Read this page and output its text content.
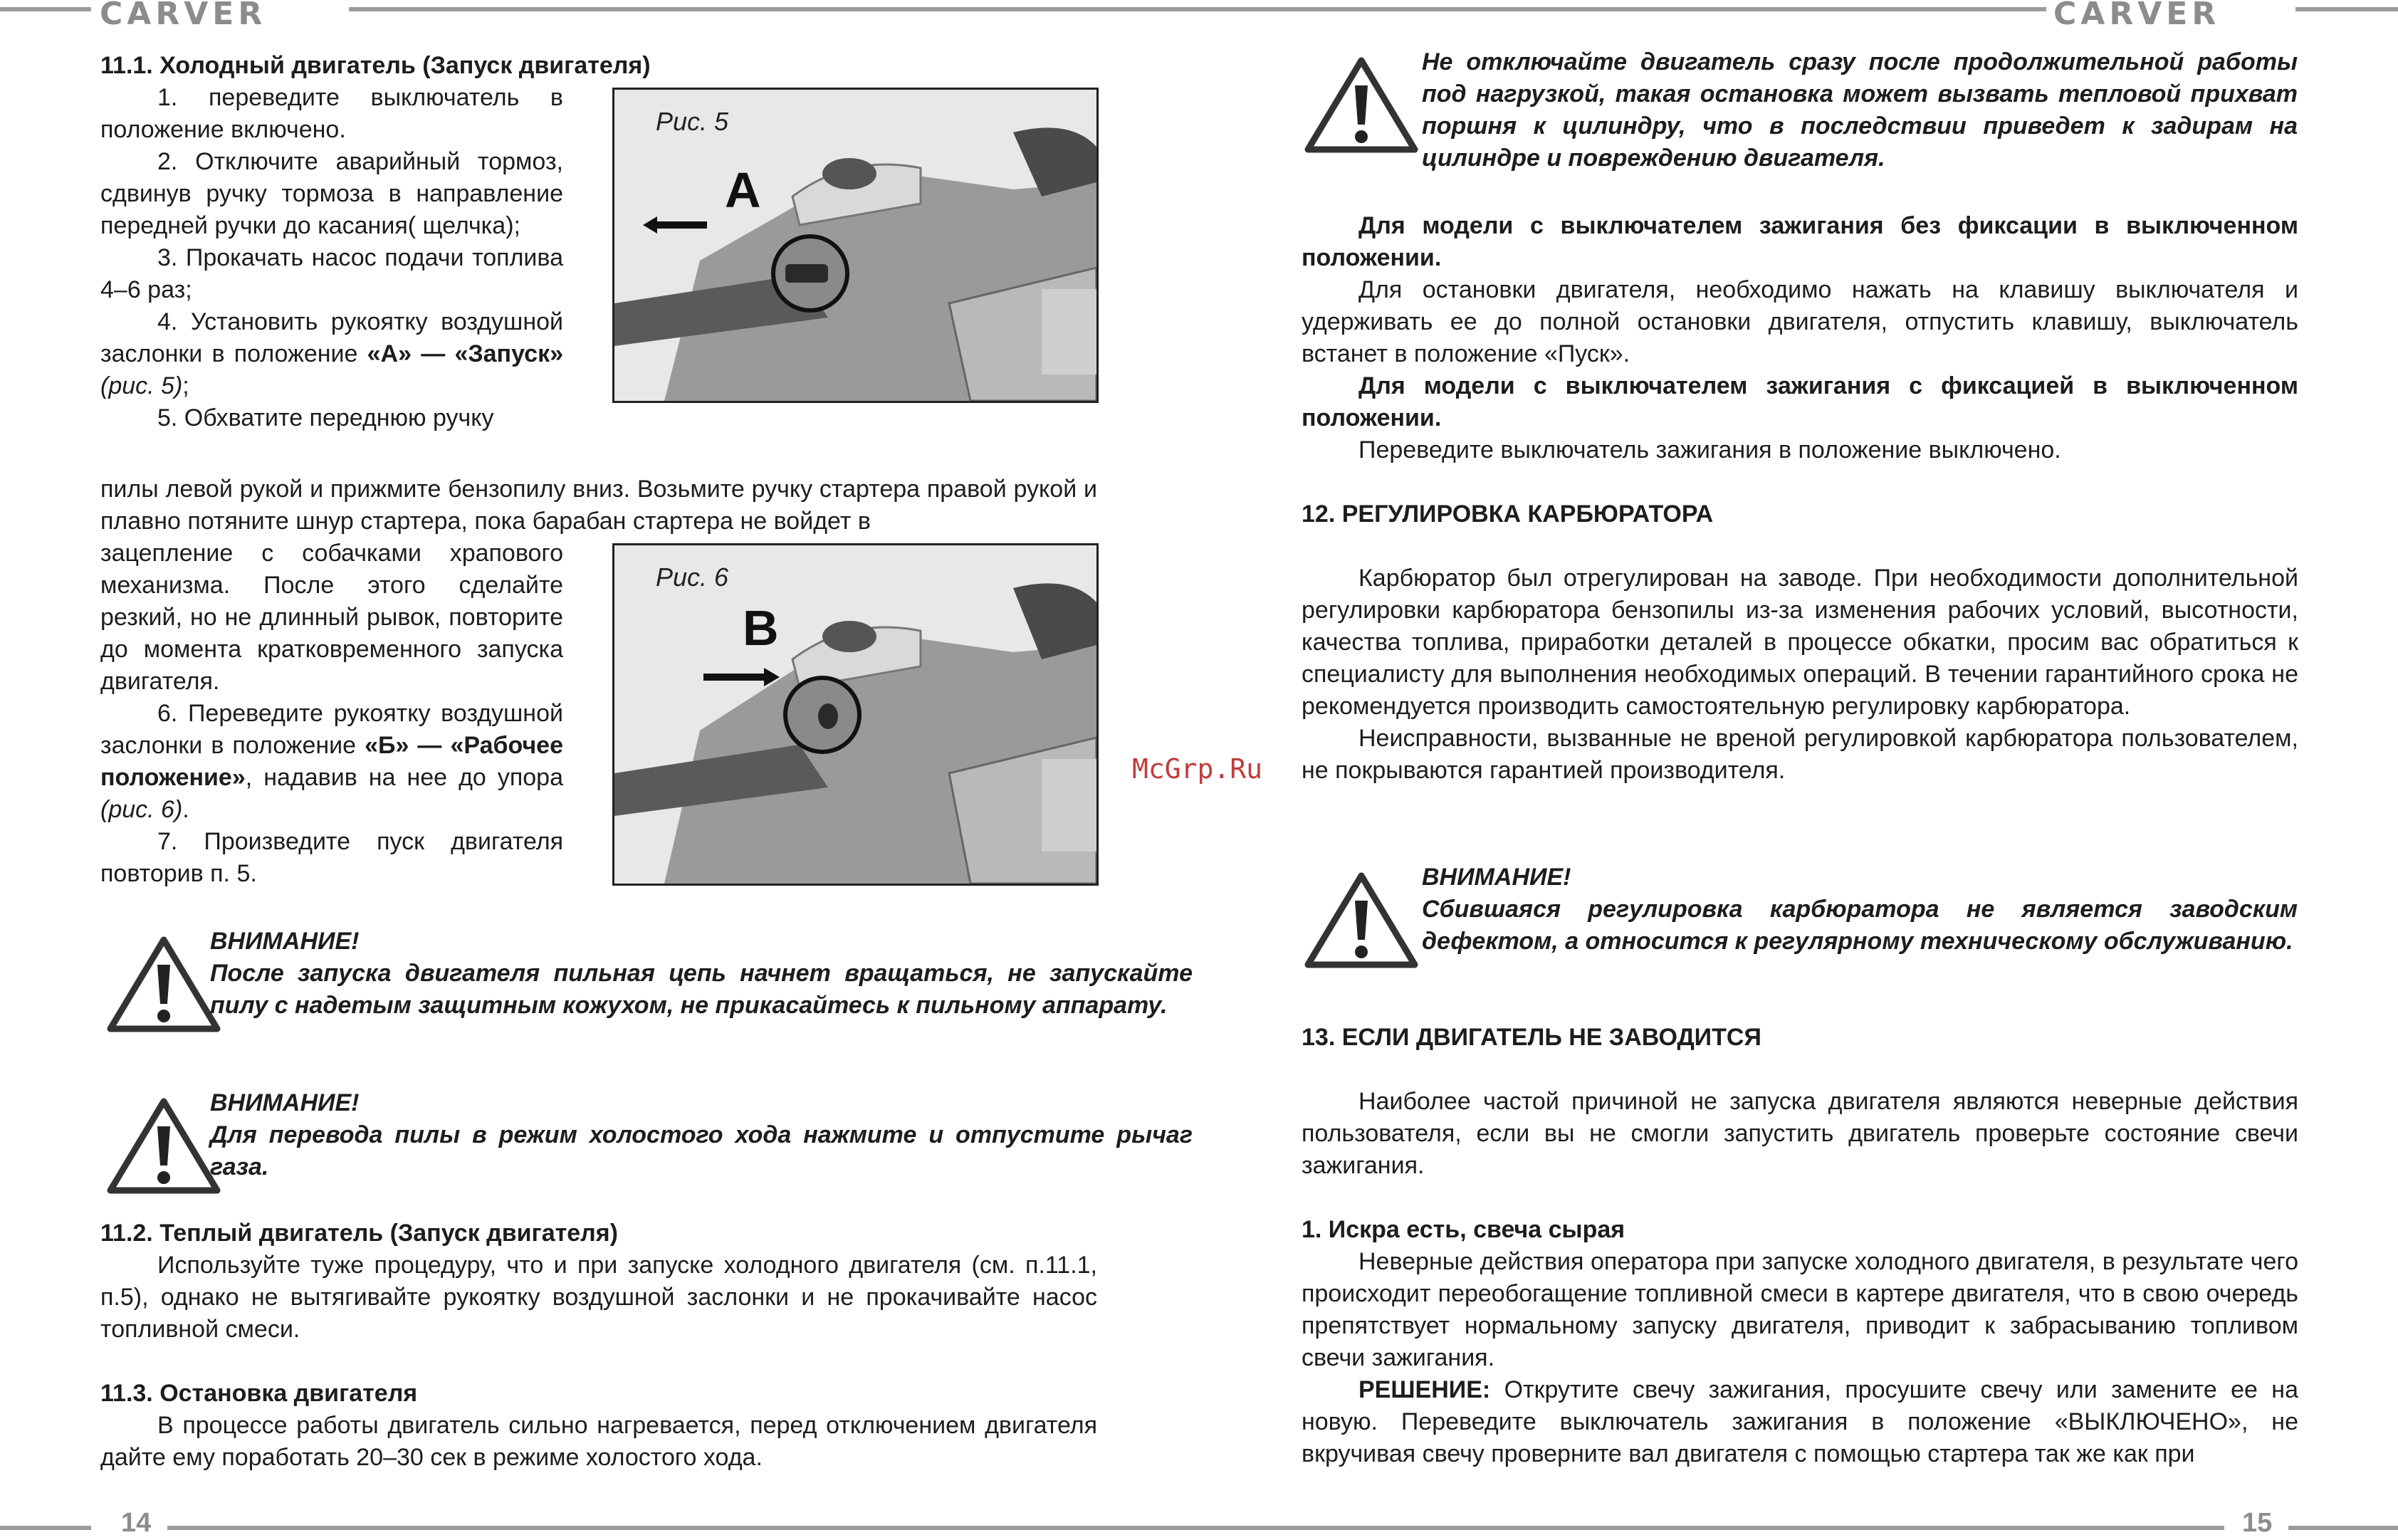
CARVER
11.1. Холодный двигатель (Запуск двигателя)

1. переведите выключатель в положение включено.

2. Отключите аварийный тормоз, сдвинув ручку тормоза в направление передней ручки до касания( щелчка);

3. Прокачать насос подачи топлива 4–6 раз;

4. Установить рукоятку воздушной заслонки в положение «А» — «Запуск» (рис. 5);

5. Обхватите переднюю ручку

пилы левой рукой и прижмите бензопилу вниз. Возьмите ручку стартера правой рукой и плавно потяните шнур стартера, пока барабан стартера не войдет в

зацепление с собачками храпового механизма. После этого сделайте резкий, но не длинный рывок, повторите до момента кратковременного запуска двигателя.

6. Переведите рукоятку воздушной заслонки в положение «Б» — «Рабочее положение», надавив на нее до упора (рис. 6).

7. Произведите пуск двигателя повторив п. 5.

A
Рис. 5
B
Рис. 6

ВНИМАНИЕ!

После запуска двигателя пильная цепь начнет вращаться, не запускайте пилу с надетым защитным кожухом, не прикасайтесь к пильному аппарату.

ВНИМАНИЕ!

Для перевода пилы в режим холостого хода нажмите и отпустите рычаг газа.

11.2. Теплый двигатель (Запуск двигателя)

Используйте туже процедуру, что и при запуске холодного двигателя (см. п.11.1, п.5), однако не вытягивайте рукоятку воздушной заслонки и не прокачивайте насос топливной смеси.

11.3. Остановка двигателя

В процессе работы двигатель сильно нагревается, перед отключением двигателя дайте ему поработать 20–30 сек в режиме холостого хода.

14
CARVER

Не отключайте двигатель сразу после продолжительной работы под нагрузкой, такая остановка может вызвать тепловой прихват поршня к цилиндру, что в последствии приведет к задирам на цилиндре и повреждению двигателя.

Для модели с выключателем зажигания без фиксации в выключенном положении.

Для остановки двигателя, необходимо нажать на клавишу выключателя и удерживать ее до полной остановки двигателя, отпустить клавишу, выключатель встанет в положение «Пуск».

Для модели с выключателем зажигания с фиксацией в выключенном положении.

Переведите выключатель зажигания в положение выключено.

12. РЕГУЛИРОВКА КАРБЮРАТОРА

Карбюратор был отрегулирован на заводе. При необходимости дополнительной регулировки карбюратора бензопилы из-за изменения рабочих условий, высотности, качества топлива, приработки деталей в процессе обкатки, просим вас обратиться к специалисту для выполнения необходимых операций. В течении гарантийного срока не рекомендуется производить самостоятельную регулировку карбюратора.

Неисправности, вызванные не вреной регулировкой карбюратора пользователем, не покрываются гарантией производителя.

ВНИМАНИЕ!

Сбившаяся регулировка карбюратора не является заводским дефектом, а относится к регулярному техническому обслуживанию.

13. ЕСЛИ ДВИГАТЕЛЬ НЕ ЗАВОДИТСЯ

Наиболее частой причиной не запуска двигателя являются неверные действия пользователя, если вы не смогли запустить двигатель проверьте состояние свечи зажигания.

1. Искра есть, свеча сырая

Неверные действия оператора при запуске холодного двигателя, в результате чего происходит переобогащение топливной смеси в картере двигателя, что в свою очередь препятствует нормальному запуску двигателя, приводит к забрасыванию топливом свечи зажигания.

РЕШЕНИЕ: Открутите свечу зажигания, просушите свечу или замените ее на новую. Переведите выключатель зажигания в положение «ВЫКЛЮЧЕНО», не вкручивая свечу проверните вал двигателя с помощью стартера так же как при

15
McGrp.Ru
